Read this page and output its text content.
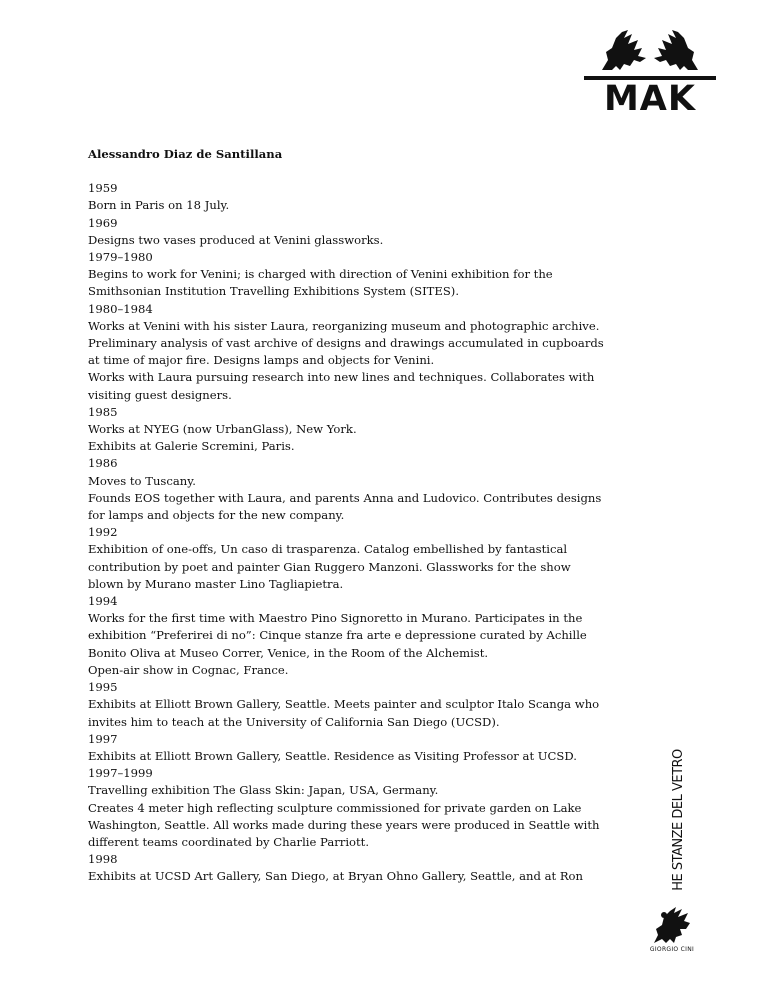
MAK
Alessandro Diaz de Santillana
1959
Born in Paris on 18 July.
1969
Designs two vases produced at Venini glassworks.
1979–1980
Begins to work for Venini; is charged with direction of Venini exhibition for the
Smithsonian Institution Travelling Exhibitions System (SITES).
1980–1984
Works at Venini with his sister Laura, reorganizing museum and photographic archive.
Preliminary analysis of vast archive of designs and drawings accumulated in cupboards
at time of major fire. Designs lamps and objects for Venini.
Works with Laura pursuing research into new lines and techniques. Collaborates with
visiting guest designers.
1985
Works at NYEG (now UrbanGlass), New York.
Exhibits at Galerie Scremini, Paris.
1986
Moves to Tuscany.
Founds EOS together with Laura, and parents Anna and Ludovico. Contributes designs
for lamps and objects for the new company.
1992
Exhibition of one-offs, Un caso di trasparenza. Catalog embellished by fantastical
contribution by poet and painter Gian Ruggero Manzoni. Glassworks for the show
blown by Murano master Lino Tagliapietra.
1994
Works for the first time with Maestro Pino Signoretto in Murano. Participates in the
exhibition “Preferirei di no”: Cinque stanze fra arte e depressione curated by Achille
Bonito Oliva at Museo Correr, Venice, in the Room of the Alchemist.
Open-air show in Cognac, France.
1995
Exhibits at Elliott Brown Gallery, Seattle. Meets painter and sculptor Italo Scanga who
invites him to teach at the University of California San Diego (UCSD).
1997
Exhibits at Elliott Brown Gallery, Seattle. Residence as Visiting Professor at UCSD.
1997–1999
Travelling exhibition The Glass Skin: Japan, USA, Germany.
Creates 4 meter high reflecting sculpture commissioned for private garden on Lake
Washington, Seattle. All works made during these years were produced in Seattle with
different teams coordinated by Charlie Parriott.
1998
Exhibits at UCSD Art Gallery, San Diego, at Bryan Ohno Gallery, Seattle, and at Ron	HE STANZE DEL VETRO
GIORGIO CINI
